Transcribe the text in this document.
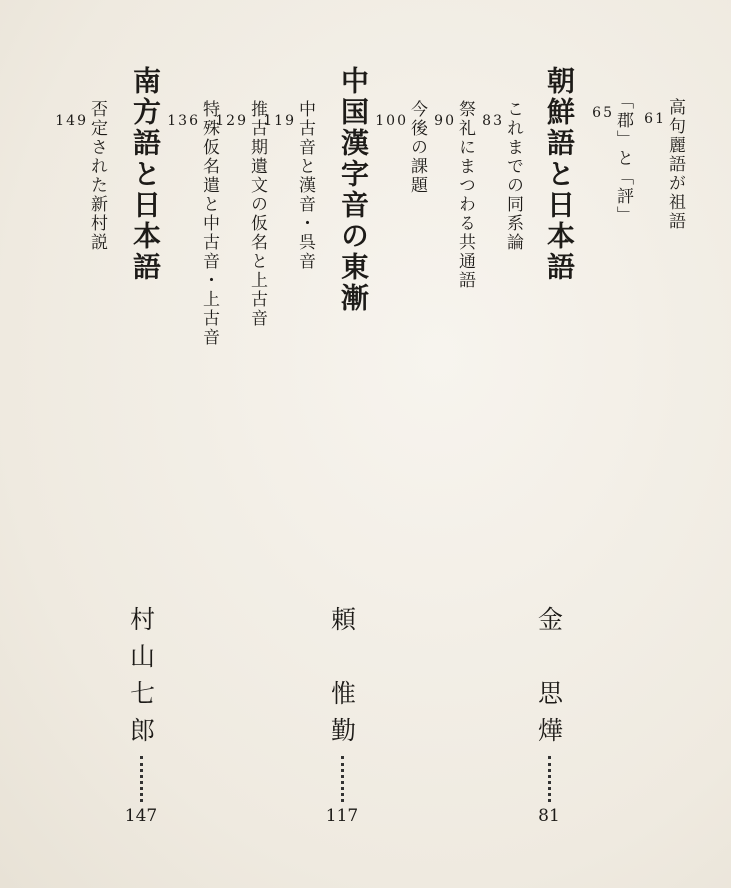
高句麗語が祖語
61
「郡」と「評」
65
朝鮮語と日本語
これまでの同系論
83
祭礼にまつわる共通語
90
今後の課題
100
中国漢字音の東漸
中古音と漢音・呉音
119
推古期遺文の仮名と上古音
129
特殊仮名遣と中古音・上古音
136
南方語と日本語
否定された新村説
149
金　思燁
81
頼　惟勤
117
村山七郎
147
